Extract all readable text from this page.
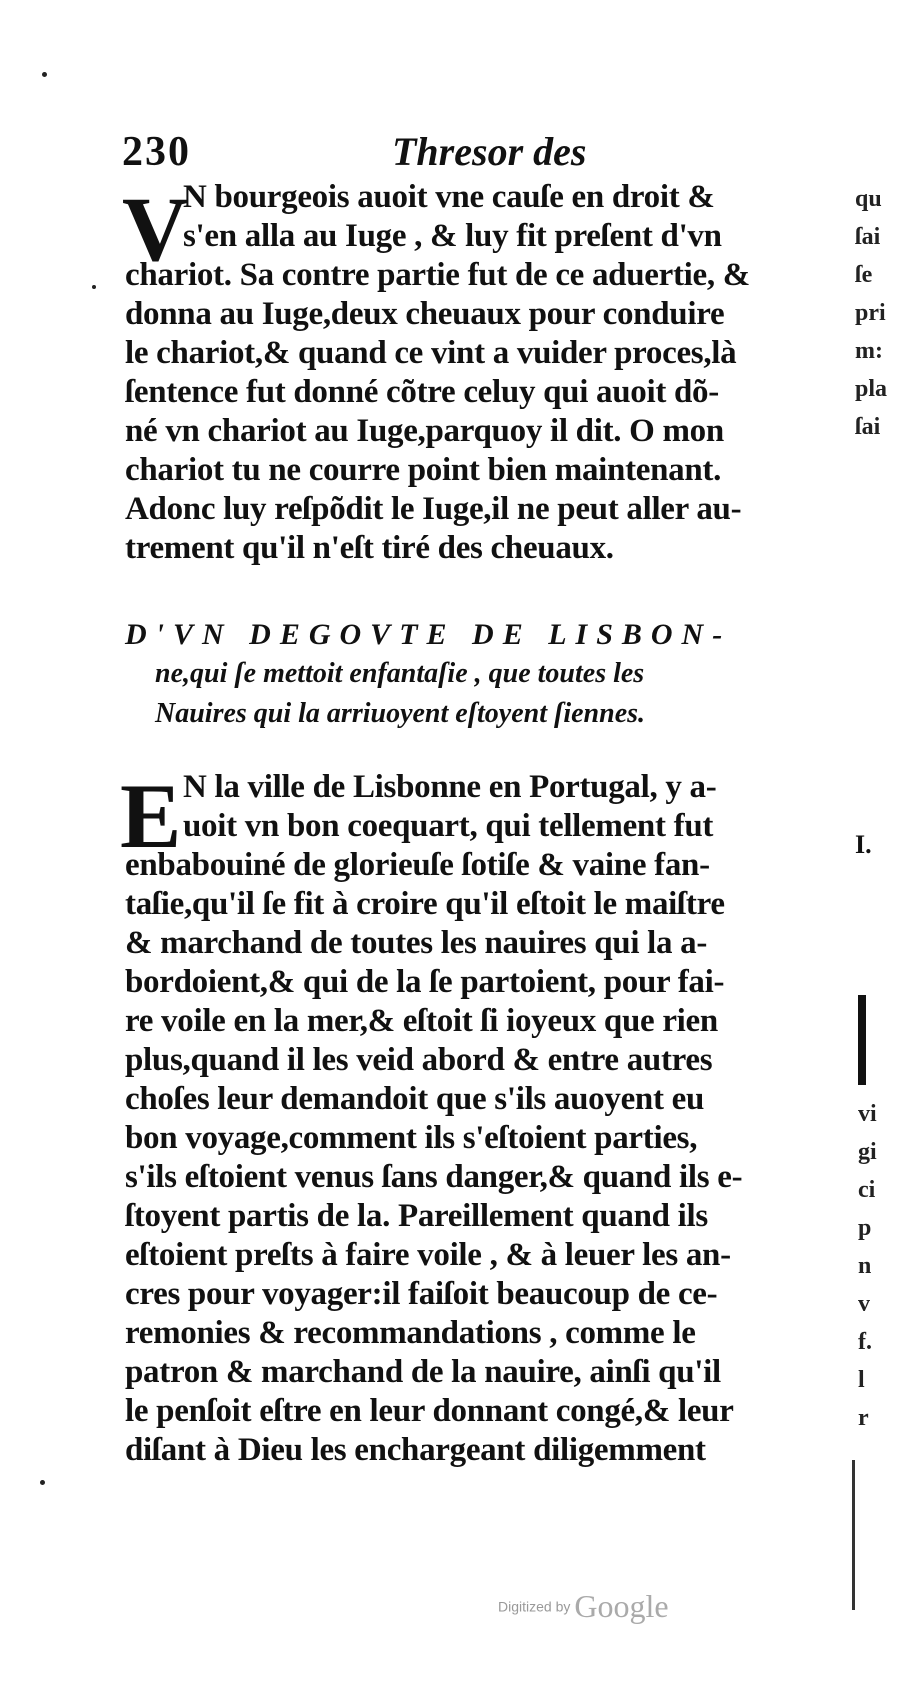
230	Thresor des
V
N bourgeois auoit vne cauſe en droit &
s'en alla au Iuge , & luy fit preſent d'vn
chariot. Sa contre partie fut de ce aduertie, &
donna au Iuge,deux cheuaux pour conduire
le chariot,& quand ce vint a vuider proces,là
ſentence fut donné cõtre celuy qui auoit dõ-
né vn chariot au Iuge,parquoy il dit. O mon
chariot tu ne courre point bien maintenant.
Adonc luy reſpõdit le Iuge,il ne peut aller au-
trement qu'il n'eſt tiré des cheuaux.
D'VN DEGOVTE DE LISBON-
ne,qui ſe mettoit enfantaſie , que toutes les
Nauires qui la arriuoyent eſtoyent ſiennes.
E N la ville de Lisbonne en Portugal, y a-
uoit vn bon coequart, qui tellement fut
enbabouiné de glorieuſe ſotiſe & vaine fan-
taſie,qu'il ſe fit à croire qu'il eſtoit le maiſtre
& marchand de toutes les nauires qui la a-
bordoient,& qui de la ſe partoient, pour fai-
re voile en la mer,& eſtoit ſi ioyeux que rien
plus,quand il les veid abord & entre autres
choſes leur demandoit que s'ils auoyent eu
bon voyage,comment ils s'eſtoient parties,
s'ils eſtoient venus ſans danger,& quand ils e-
ſtoyent partis de la. Pareillement quand ils
eſtoient preſts à faire voile , & à leuer les an-
cres pour voyager:il faiſoit beaucoup de ce-
remonies & recommandations , comme le
patron & marchand de la nauire, ainſi qu'il
le penſoit eſtre en leur donnant congé,& leur
diſant à Dieu les enchargeant diligemment
qu
ſai
ſe
pri
m:
pla
ſai
I.
vi
gi
ci
p
n
v
f.
l
r
Digitized by Google
